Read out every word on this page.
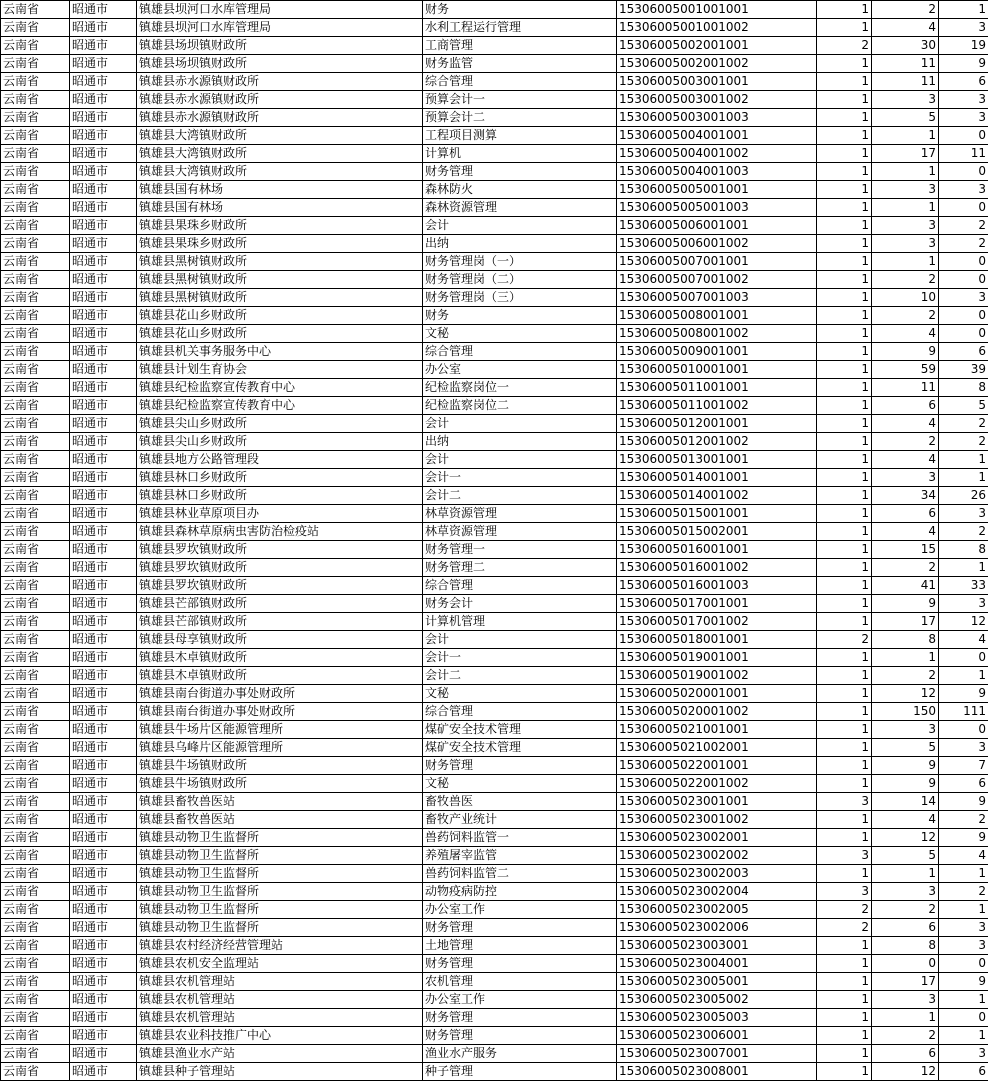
云南省	昭通市	镇雄县坝河口水库管理局	财务	15306005001001001	1	2	1
云南省	昭通市	镇雄县坝河口水库管理局	水利工程运行管理	15306005001001002	1	4	3
云南省	昭通市	镇雄县场坝镇财政所	工商管理	15306005002001001	2	30	19
云南省	昭通市	镇雄县场坝镇财政所	财务监管	15306005002001002	1	11	9
云南省	昭通市	镇雄县赤水源镇财政所	综合管理	15306005003001001	1	11	6
云南省	昭通市	镇雄县赤水源镇财政所	预算会计一	15306005003001002	1	3	3
云南省	昭通市	镇雄县赤水源镇财政所	预算会计二	15306005003001003	1	5	3
云南省	昭通市	镇雄县大湾镇财政所	工程项目测算	15306005004001001	1	1	0
云南省	昭通市	镇雄县大湾镇财政所	计算机	15306005004001002	1	17	11
云南省	昭通市	镇雄县大湾镇财政所	财务管理	15306005004001003	1	1	0
云南省	昭通市	镇雄县国有林场	森林防火	15306005005001001	1	3	3
云南省	昭通市	镇雄县国有林场	森林资源管理	15306005005001003	1	1	0
云南省	昭通市	镇雄县果珠乡财政所	会计	15306005006001001	1	3	2
云南省	昭通市	镇雄县果珠乡财政所	出纳	15306005006001002	1	3	2
云南省	昭通市	镇雄县黑树镇财政所	财务管理岗（一）	15306005007001001	1	1	0
云南省	昭通市	镇雄县黑树镇财政所	财务管理岗（二）	15306005007001002	1	2	0
云南省	昭通市	镇雄县黑树镇财政所	财务管理岗（三）	15306005007001003	1	10	3
云南省	昭通市	镇雄县花山乡财政所	财务	15306005008001001	1	2	0
云南省	昭通市	镇雄县花山乡财政所	文秘	15306005008001002	1	4	0
云南省	昭通市	镇雄县机关事务服务中心	综合管理	15306005009001001	1	9	6
云南省	昭通市	镇雄县计划生育协会	办公室	15306005010001001	1	59	39
云南省	昭通市	镇雄县纪检监察宣传教育中心	纪检监察岗位一	15306005011001001	1	11	8
云南省	昭通市	镇雄县纪检监察宣传教育中心	纪检监察岗位二	15306005011001002	1	6	5
云南省	昭通市	镇雄县尖山乡财政所	会计	15306005012001001	1	4	2
云南省	昭通市	镇雄县尖山乡财政所	出纳	15306005012001002	1	2	2
云南省	昭通市	镇雄县地方公路管理段	会计	15306005013001001	1	4	1
云南省	昭通市	镇雄县林口乡财政所	会计一	15306005014001001	1	3	1
云南省	昭通市	镇雄县林口乡财政所	会计二	15306005014001002	1	34	26
云南省	昭通市	镇雄县林业草原项目办	林草资源管理	15306005015001001	1	6	3
云南省	昭通市	镇雄县森林草原病虫害防治检疫站	林草资源管理	15306005015002001	1	4	2
云南省	昭通市	镇雄县罗坎镇财政所	财务管理一	15306005016001001	1	15	8
云南省	昭通市	镇雄县罗坎镇财政所	财务管理二	15306005016001002	1	2	1
云南省	昭通市	镇雄县罗坎镇财政所	综合管理	15306005016001003	1	41	33
云南省	昭通市	镇雄县芒部镇财政所	财务会计	15306005017001001	1	9	3
云南省	昭通市	镇雄县芒部镇财政所	计算机管理	15306005017001002	1	17	12
云南省	昭通市	镇雄县母享镇财政所	会计	15306005018001001	2	8	4
云南省	昭通市	镇雄县木卓镇财政所	会计一	15306005019001001	1	1	0
云南省	昭通市	镇雄县木卓镇财政所	会计二	15306005019001002	1	2	1
云南省	昭通市	镇雄县南台街道办事处财政所	文秘	15306005020001001	1	12	9
云南省	昭通市	镇雄县南台街道办事处财政所	综合管理	15306005020001002	1	150	111
云南省	昭通市	镇雄县牛场片区能源管理所	煤矿安全技术管理	15306005021001001	1	3	0
云南省	昭通市	镇雄县乌峰片区能源管理所	煤矿安全技术管理	15306005021002001	1	5	3
云南省	昭通市	镇雄县牛场镇财政所	财务管理	15306005022001001	1	9	7
云南省	昭通市	镇雄县牛场镇财政所	文秘	15306005022001002	1	9	6
云南省	昭通市	镇雄县畜牧兽医站	畜牧兽医	15306005023001001	3	14	9
云南省	昭通市	镇雄县畜牧兽医站	畜牧产业统计	15306005023001002	1	4	2
云南省	昭通市	镇雄县动物卫生监督所	兽药饲料监管一	15306005023002001	1	12	9
云南省	昭通市	镇雄县动物卫生监督所	养殖屠宰监管	15306005023002002	3	5	4
云南省	昭通市	镇雄县动物卫生监督所	兽药饲料监管二	15306005023002003	1	1	1
云南省	昭通市	镇雄县动物卫生监督所	动物疫病防控	15306005023002004	3	3	2
云南省	昭通市	镇雄县动物卫生监督所	办公室工作	15306005023002005	2	2	1
云南省	昭通市	镇雄县动物卫生监督所	财务管理	15306005023002006	2	6	3
云南省	昭通市	镇雄县农村经济经营管理站	土地管理	15306005023003001	1	8	3
云南省	昭通市	镇雄县农机安全监理站	财务管理	15306005023004001	1	0	0
云南省	昭通市	镇雄县农机管理站	农机管理	15306005023005001	1	17	9
云南省	昭通市	镇雄县农机管理站	办公室工作	15306005023005002	1	3	1
云南省	昭通市	镇雄县农机管理站	财务管理	15306005023005003	1	1	0
云南省	昭通市	镇雄县农业科技推广中心	财务管理	15306005023006001	1	2	1
云南省	昭通市	镇雄县渔业水产站	渔业水产服务	15306005023007001	1	6	3
云南省	昭通市	镇雄县种子管理站	种子管理	15306005023008001	1	12	6
